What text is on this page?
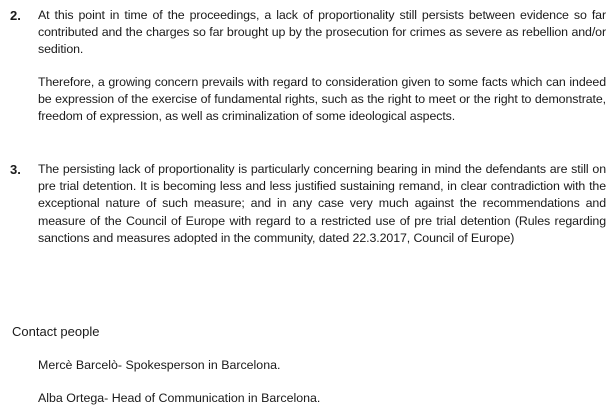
2. At this point in time of the proceedings, a lack of proportionality still persists between evidence so far contributed and the charges so far brought up by the prosecution for crimes as severe as rebellion and/or sedition.

Therefore, a growing concern prevails with regard to consideration given to some facts which can indeed be expression of the exercise of fundamental rights, such as the right to meet or the right to demonstrate, freedom of expression, as well as criminalization of some ideological aspects.

3. The persisting lack of proportionality is particularly concerning bearing in mind the defendants are still on pre trial detention. It is becoming less and less justified sustaining remand, in clear contradiction with the exceptional nature of such measure; and in any case very much against the recommendations and measure of the Council of Europe with regard to a restricted use of pre trial detention (Rules regarding sanctions and measures adopted in the community, dated 22.3.2017, Council of Europe)

Contact people
Mercè Barcelò- Spokesperson in Barcelona.
Alba Ortega- Head of Communication in Barcelona.
